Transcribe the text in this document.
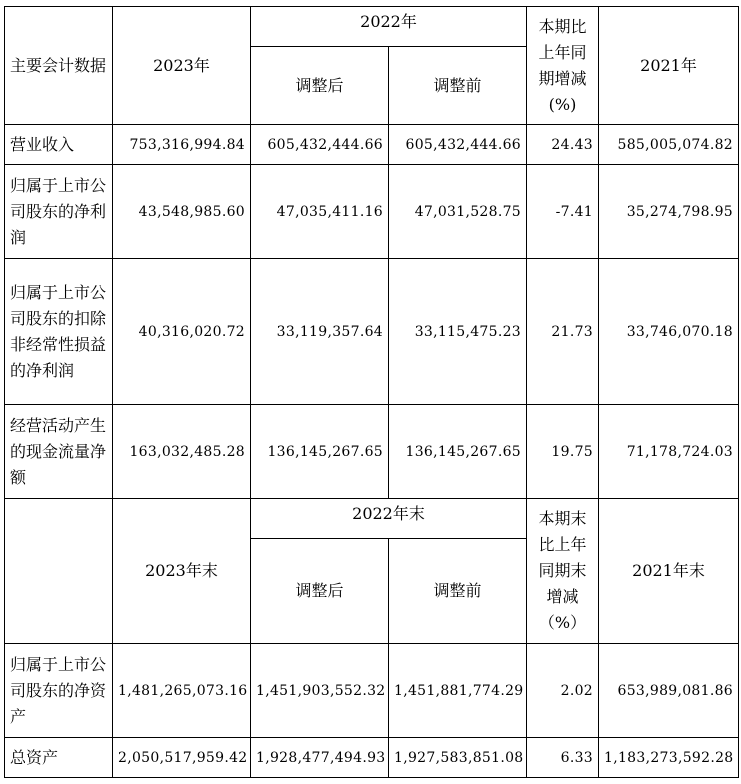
主要会计数据	2023年	2022年		本期比上年同期增减(%)	2021年
		调整后	调整前		
营业收入	753,316,994.84	605,432,444.66	605,432,444.66	24.43	585,005,074.82
归属于上市公司股东的净利润	43,548,985.60	47,035,411.16	47,031,528.75	-7.41	35,274,798.95
归属于上市公司股东的扣除非经常性损益的净利润	40,316,020.72	33,119,357.64	33,115,475.23	21.73	33,746,070.18
经营活动产生的现金流量净额	163,032,485.28	136,145,267.65	136,145,267.65	19.75	71,178,724.03
	2023年末	2022年末		本期末比上年同期末增减（%）	2021年末
		调整后	调整前		
归属于上市公司股东的净资产	1,481,265,073.16	1,451,903,552.32	1,451,881,774.29	2.02	653,989,081.86
总资产	2,050,517,959.42	1,928,477,494.93	1,927,583,851.08	6.33	1,183,273,592.28
